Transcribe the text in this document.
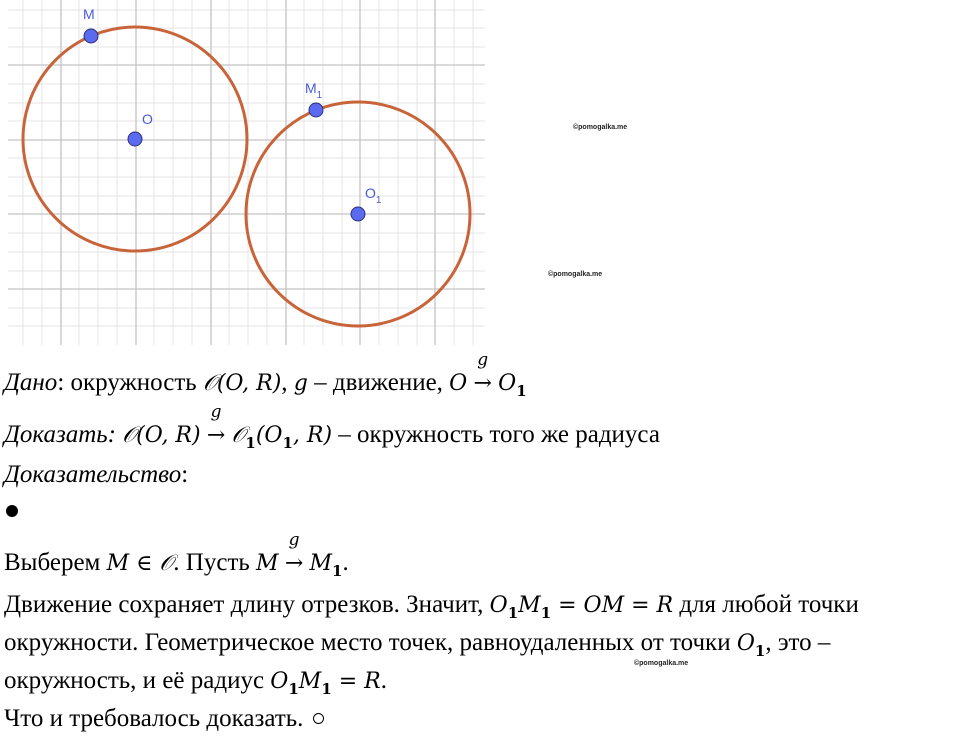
M
O
$M_1$
$O_1$
©pomogalka.me
©pomogalka.me
©pomogalka.me
Дано: окружность 𝒪(O, R), g – движение, O
g
→ $O_1$
Доказать: 𝒪(O, R)
g
→ $𝒪_1(O_1$, R) – окружность того же радиуса
Доказательство:
Выберем M ∈ 𝒪. Пусть M
g
→ $M_1$.
Движение сохраняет длину отрезков. Значит, $O_1M_1$ = OM = R для любой точки
окружности. Геометрическое место точек, равноудаленных от точки $O_1$, это –
окружность, и её радиус $O_1M_1 = R$.
Что и требовалось доказать.
